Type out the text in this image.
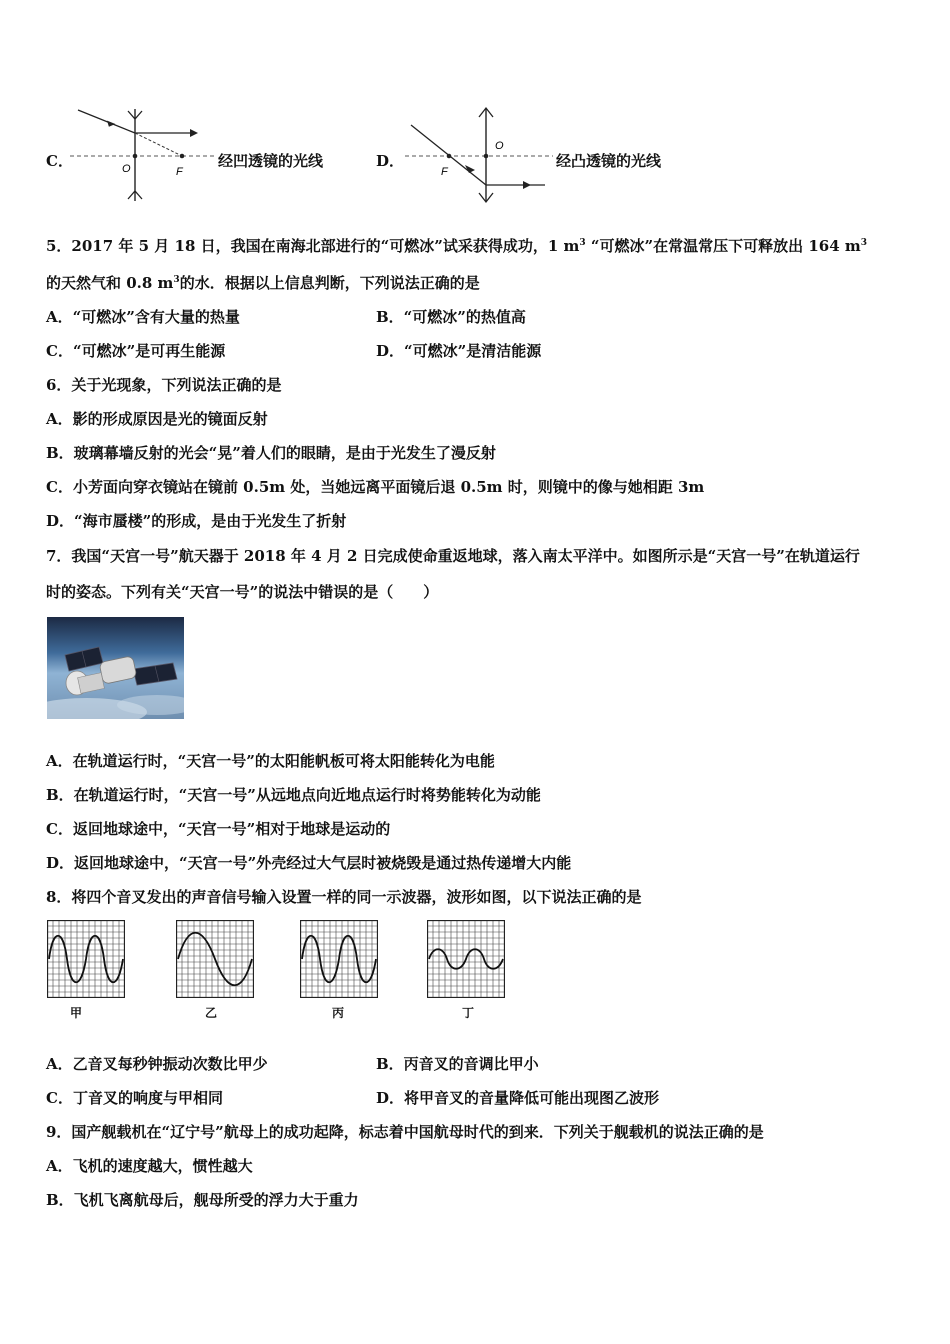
C．	O	F
经凹透镜的光线	D．
O
F
经凸透镜的光线
5．2017 年 5 月 18 日，我国在南海北部进行的“可燃冰”试采获得成功，1 $m^3$ “可燃冰”在常温常压下可释放出 164 $m^3$
的天然气和 0.8 $m^3$的水．根据以上信息判断，下列说法正确的是
A．“可燃冰”含有大量的热量	B．“可燃冰”的热值高
C．“可燃冰”是可再生能源	D．“可燃冰”是清洁能源
6．关于光现象，下列说法正确的是
A．影的形成原因是光的镜面反射
B．玻璃幕墙反射的光会“晃”着人们的眼睛，是由于光发生了漫反射
C．小芳面向穿衣镜站在镜前 0.5m 处，当她远离平面镜后退 0.5m 时，则镜中的像与她相距 3m
D．“海市蜃楼”的形成，是由于光发生了折射
7．我国“天宫一号”航天器于 2018 年 4 月 2 日完成使命重返地球，落入南太平洋中。如图所示是“天宫一号”在轨道运行
时的姿态。下列有关“天宫一号”的说法中错误的是（　　）
A．在轨道运行时，“天宫一号”的太阳能帆板可将太阳能转化为电能
B．在轨道运行时，“天宫一号”从远地点向近地点运行时将势能转化为动能
C．返回地球途中，“天宫一号”相对于地球是运动的
D．返回地球途中，“天宫一号”外壳经过大气层时被烧毁是通过热传递增大内能
8．将四个音叉发出的声音信号输入设置一样的同一示波器，波形如图，以下说法正确的是
甲	乙	丙	丁
A．乙音叉每秒钟振动次数比甲少	B．丙音叉的音调比甲小
C．丁音叉的响度与甲相同	D．将甲音叉的音量降低可能出现图乙波形
9．国产舰载机在“辽宁号”航母上的成功起降，标志着中国航母时代的到来．下列关于舰载机的说法正确的是
A．飞机的速度越大，惯性越大
B．飞机飞离航母后，舰母所受的浮力大于重力
